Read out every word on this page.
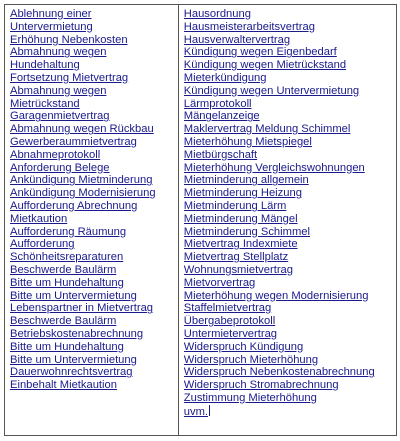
Ablehnung einer
Untervermietung
Erhöhung Nebenkosten
Abmahnung wegen
Hundehaltung
Fortsetzung Mietvertrag
Abmahnung wegen
Mietrückstand
Garagenmietvertrag
Abmahnung wegen Rückbau
Gewerberaummietvertrag
Abnahmeprotokoll
Anforderung Belege
Ankündigung Mietminderung
Ankündigung Modernisierung
Aufforderung Abrechnung
Mietkaution
Aufforderung Räumung
Aufforderung
Schönheitsreparaturen
Beschwerde Baulärm
Bitte um Hundehaltung
Bitte um Untervermietung
Lebenspartner in Mietvertrag
Beschwerde Baulärm
Betriebskostenabrechnung
Bitte um Hundehaltung
Bitte um Untervermietung
Dauerwohnrechtsvertrag
Einbehalt Mietkaution

Hausordnung
Hausmeisterarbeitsvertrag
Hausverwaltervertrag
Kündigung wegen Eigenbedarf
Kündigung wegen Mietrückstand
Mieterkündigung
Kündigung wegen Untervermietung
Lärmprotokoll
Mängelanzeige
Maklervertrag Meldung Schimmel
Mieterhöhung Mietspiegel
Mietbürgschaft
Mieterhöhung Vergleichswohnungen
Mietminderung allgemein
Mietminderung Heizung
Mietminderung Lärm
Mietminderung Mängel
Mietminderung Schimmel
Mietvertrag Indexmiete
Mietvertrag Stellplatz
Wohnungsmietvertrag
Mietvorvertrag
Mieterhöhung wegen Modernisierung
Staffelmietvertrag
Übergabeprotokoll
Untermietervertrag
Widerspruch Kündigung
Widerspruch Mieterhöhung
Widerspruch Nebenkostenabrechnung
Widerspruch Stromabrechnung
Zustimmung Mieterhöhung
uvm.
